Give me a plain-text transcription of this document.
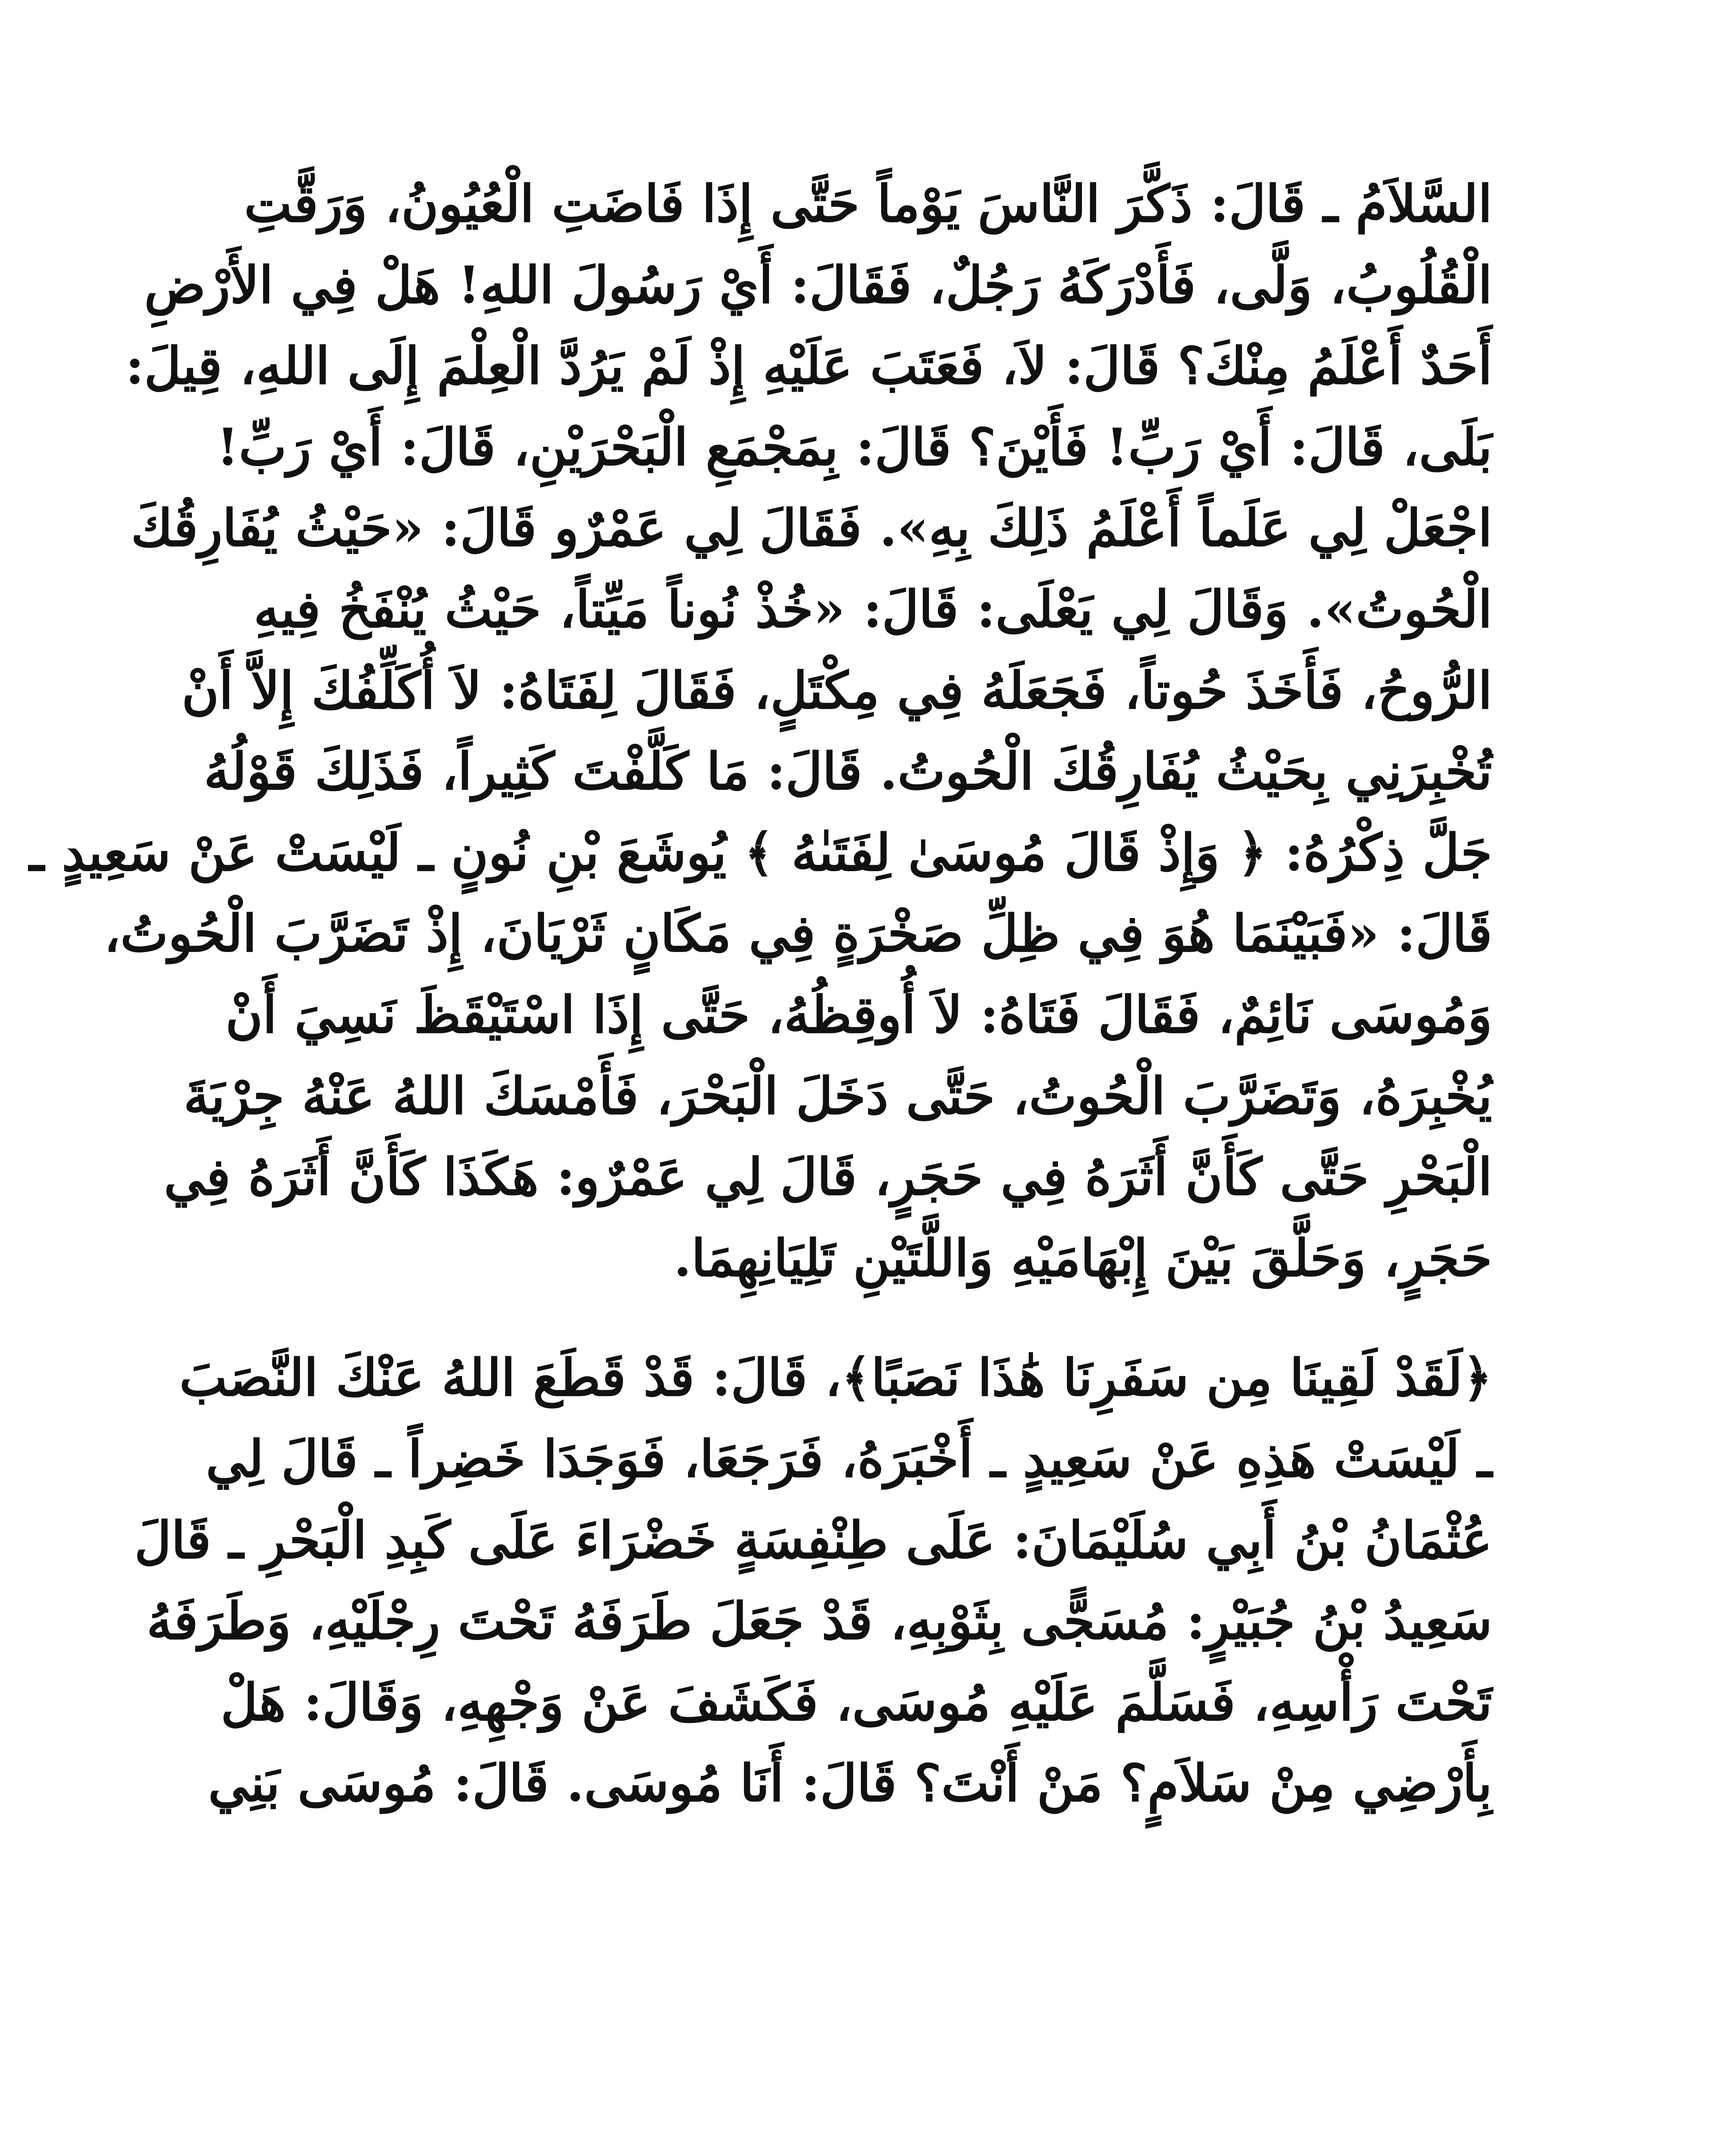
السَّلاَمُ ـ قَالَ: ذَكَّرَ النَّاسَ يَوْماً حَتَّى إِذَا فَاضَتِ الْعُيُونُ، وَرَقَّتِ
الْقُلُوبُ، وَلَّى، فَأَدْرَكَهُ رَجُلٌ، فَقَالَ: أَيْ رَسُولَ اللهِ! هَلْ فِي الأَرْضِ
أَحَدٌ أَعْلَمُ مِنْكَ؟ قَالَ: لاَ، فَعَتَبَ عَلَيْهِ إِذْ لَمْ يَرُدَّ الْعِلْمَ إِلَى اللهِ، قِيلَ:
بَلَى، قَالَ: أَيْ رَبِّ! فَأَيْنَ؟ قَالَ: بِمَجْمَعِ الْبَحْرَيْنِ، قَالَ: أَيْ رَبِّ!
اجْعَلْ لِي عَلَماً أَعْلَمُ ذَلِكَ بِهِ». فَقَالَ لِي عَمْرٌو قَالَ: «حَيْثُ يُفَارِقُكَ
الْحُوتُ». وَقَالَ لِي يَعْلَى: قَالَ: «خُذْ نُوناً مَيِّتاً، حَيْثُ يُنْفَخُ فِيهِ
الرُّوحُ، فَأَخَذَ حُوتاً، فَجَعَلَهُ فِي مِكْتَلٍ، فَقَالَ لِفَتَاهُ: لاَ أُكَلِّفُكَ إِلاَّ أَنْ
تُخْبِرَنِي بِحَيْثُ يُفَارِقُكَ الْحُوتُ. قَالَ: مَا كَلَّفْتَ كَثِيراً، فَذَلِكَ قَوْلُهُ
جَلَّ ذِكْرُهُ: ﴿ وَإِذْ قَالَ مُوسَىٰ لِفَتَىٰهُ ﴾ يُوشَعَ بْنِ نُونٍ ـ لَيْسَتْ عَنْ سَعِيدٍ ـ
قَالَ: «فَبَيْنَمَا هُوَ فِي ظِلِّ صَخْرَةٍ فِي مَكَانٍ ثَرْيَانَ، إِذْ تَضَرَّبَ الْحُوتُ،
وَمُوسَى نَائِمٌ، فَقَالَ فَتَاهُ: لاَ أُوقِظُهُ، حَتَّى إِذَا اسْتَيْقَظَ نَسِيَ أَنْ
يُخْبِرَهُ، وَتَضَرَّبَ الْحُوتُ، حَتَّى دَخَلَ الْبَحْرَ، فَأَمْسَكَ اللهُ عَنْهُ جِرْيَةَ
الْبَحْرِ حَتَّى كَأَنَّ أَثَرَهُ فِي حَجَرٍ، قَالَ لِي عَمْرٌو: هَكَذَا كَأَنَّ أَثَرَهُ فِي
حَجَرٍ، وَحَلَّقَ بَيْنَ إِبْهَامَيْهِ وَاللَّتَيْنِ تَلِيَانِهِمَا.
﴿لَقَدْ لَقِينَا مِن سَفَرِنَا هَٰذَا نَصَبًا﴾، قَالَ: قَدْ قَطَعَ اللهُ عَنْكَ النَّصَبَ
ـ لَيْسَتْ هَذِهِ عَنْ سَعِيدٍ ـ أَخْبَرَهُ، فَرَجَعَا، فَوَجَدَا خَضِراً ـ قَالَ لِي
عُثْمَانُ بْنُ أَبِي سُلَيْمَانَ: عَلَى طِنْفِسَةٍ خَضْرَاءَ عَلَى كَبِدِ الْبَحْرِ ـ قَالَ
سَعِيدُ بْنُ جُبَيْرٍ: مُسَجًّى بِثَوْبِهِ، قَدْ جَعَلَ طَرَفَهُ تَحْتَ رِجْلَيْهِ، وَطَرَفَهُ
تَحْتَ رَأْسِهِ، فَسَلَّمَ عَلَيْهِ مُوسَى، فَكَشَفَ عَنْ وَجْهِهِ، وَقَالَ: هَلْ
بِأَرْضِي مِنْ سَلاَمٍ؟ مَنْ أَنْتَ؟ قَالَ: أَنَا مُوسَى. قَالَ: مُوسَى بَنِي
